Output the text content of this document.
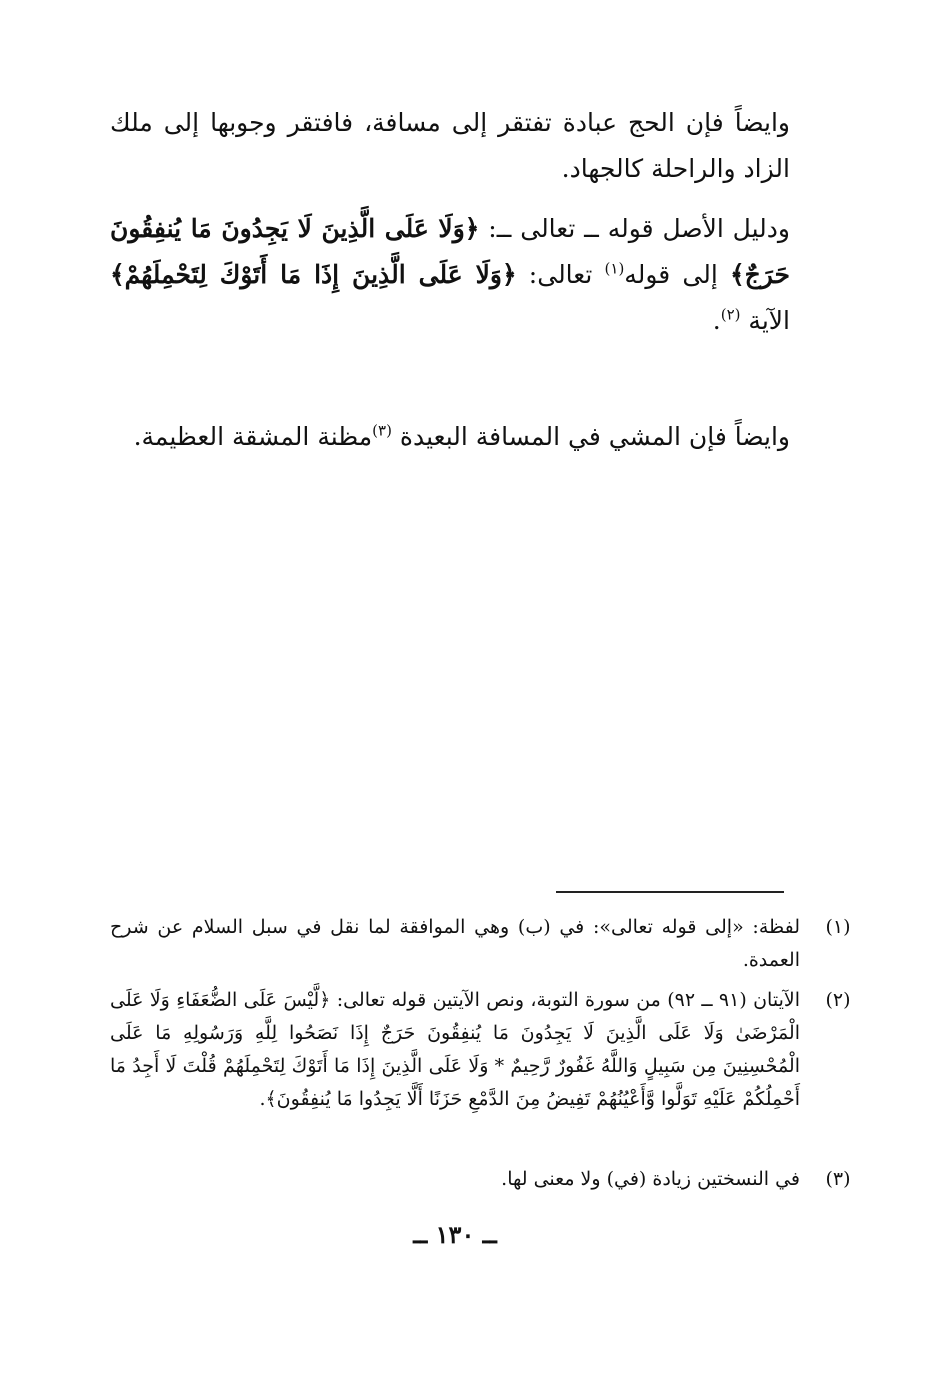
وايضاً فإن الحج عبادة تفتقر إلى مسافة، فافتقر وجوبها إلى ملك الزاد والراحلة كالجهاد.
ودليل الأصل قوله ــ تعالى ــ: ﴿وَلَا عَلَى الَّذِينَ لَا يَجِدُونَ مَا يُنفِقُونَ حَرَجٌ﴾ إلى قوله$^{(١)}$ تعالى: ﴿وَلَا عَلَى الَّذِينَ إِذَا مَا أَتَوْكَ لِتَحْمِلَهُمْ﴾ الآية $^{(٢)}$.
وايضاً فإن المشي في المسافة البعيدة $^{(٣)}$مظنة المشقة العظيمة.
(١)
لفظة: «إلى قوله تعالى»: في (ب) وهي الموافقة لما نقل في سبل السلام عن شرح العمدة.
(٢)
الآيتان (٩١ ــ ٩٢) من سورة التوبة، ونص الآيتين قوله تعالى: ﴿لَّيْسَ عَلَى الضُّعَفَاءِ وَلَا عَلَى الْمَرْضَىٰ وَلَا عَلَى الَّذِينَ لَا يَجِدُونَ مَا يُنفِقُونَ حَرَجٌ إِذَا نَصَحُوا لِلَّهِ وَرَسُولِهِ مَا عَلَى الْمُحْسِنِينَ مِن سَبِيلٍ وَاللَّهُ غَفُورٌ رَّحِيمٌ * وَلَا عَلَى الَّذِينَ إِذَا مَا أَتَوْكَ لِتَحْمِلَهُمْ قُلْتَ لَا أَجِدُ مَا أَحْمِلُكُمْ عَلَيْهِ تَوَلَّوا وَّأَعْيُنُهُمْ تَفِيضُ مِنَ الدَّمْعِ حَزَنًا أَلَّا يَجِدُوا مَا يُنفِقُونَ﴾.
(٣)
في النسختين زيادة (في) ولا معنى لها.
ــ ١٣٠ ــ
